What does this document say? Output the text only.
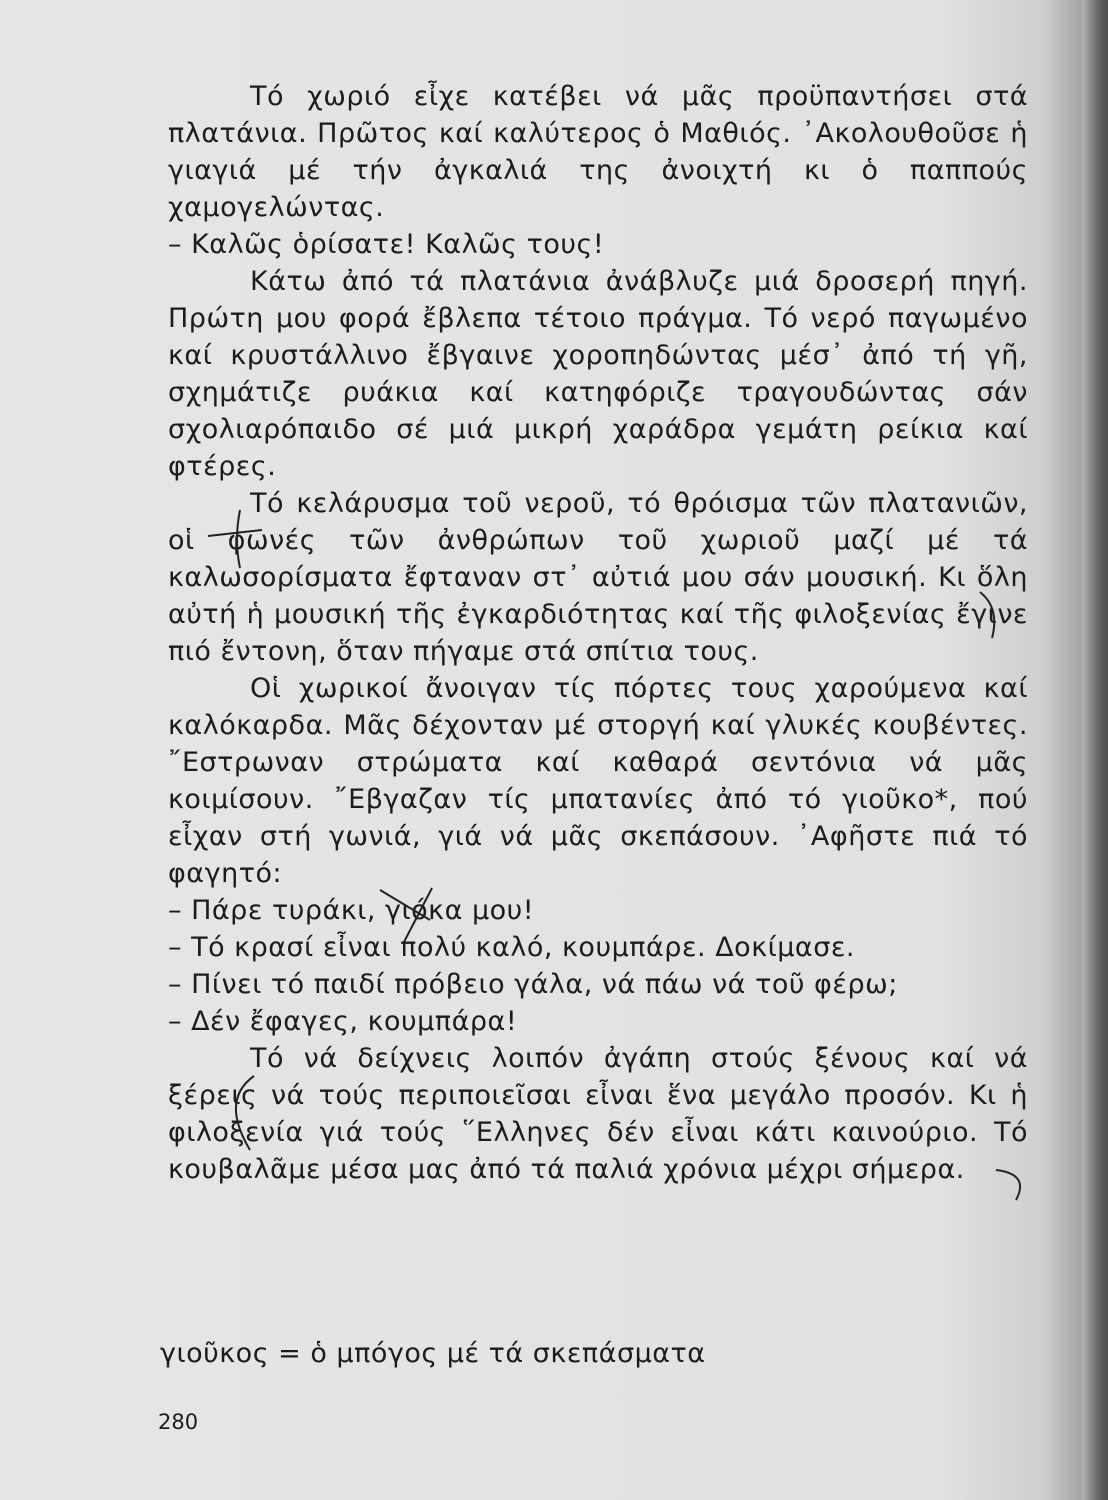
Τό χωριό εἶχε κατέβει νά μᾶς προϋπαντήσει στά πλατάνια. Πρῶτος καί καλύτερος ὁ Μαθιός. ᾿Ακολουθοῦσε ἡ γιαγιά μέ τήν ἀγκαλιά της ἀνοιχτή κι ὁ παππούς χαμογελώντας.

– Καλῶς ὁρίσατε! Καλῶς τους!

Κάτω ἀπό τά πλατάνια ἀνάβλυζε μιά δροσερή πηγή. Πρώτη μου φορά ἔβλεπα τέτοιο πράγμα. Τό νερό παγωμένο καί κρυστάλλινο ἔβγαινε χοροπηδώντας μέσ᾿ ἀπό τή γῆ, σχημάτιζε ρυάκια καί κατηφόριζε τραγουδώντας σάν σχολιαρόπαιδο σέ μιά μικρή χαράδρα γεμάτη ρείκια καί φτέρες.

Τό κελάρυσμα τοῦ νεροῦ, τό θρόισμα τῶν πλατανιῶν, οἱ φωνές τῶν ἀνθρώπων τοῦ χωριοῦ μαζί μέ τά καλωσορίσματα ἔφταναν στ᾿ αὐτιά μου σάν μουσική. Κι ὅλη αὐτή ἡ μουσική τῆς ἐγκαρδιότητας καί τῆς φιλοξενίας ἔγινε πιό ἔντονη, ὅταν πήγαμε στά σπίτια τους.

Οἱ χωρικοί ἄνοιγαν τίς πόρτες τους χαρούμενα καί καλόκαρδα. Μᾶς δέχονταν μέ στοργή καί γλυκές κουβέντες. ῎Εστρωναν στρώματα καί καθαρά σεντόνια νά μᾶς κοιμίσουν. ῎Εβγαζαν τίς μπατανίες ἀπό τό γιοῦκο*, πού εἶχαν στή γωνιά, γιά νά μᾶς σκεπάσουν. ᾿Αφῆστε πιά τό φαγητό:

– Πάρε τυράκι, γιόκα μου!

– Τό κρασί εἶναι πολύ καλό, κουμπάρε. Δοκίμασε.

– Πίνει τό παιδί πρόβειο γάλα, νά πάω νά τοῦ φέρω;

– Δέν ἔφαγες, κουμπάρα!

Τό νά δείχνεις λοιπόν ἀγάπη στούς ξένους καί νά ξέρεις νά τούς περιποιεῖσαι εἶναι ἕνα μεγάλο προσόν. Κι ἡ φιλοξενία γιά τούς ῞Ελληνες δέν εἶναι κάτι καινούριο. Τό κουβαλᾶμε μέσα μας ἀπό τά παλιά χρόνια μέχρι σήμερα.

γιοῦκος = ὁ μπόγος μέ τά σκεπάσματα
280
